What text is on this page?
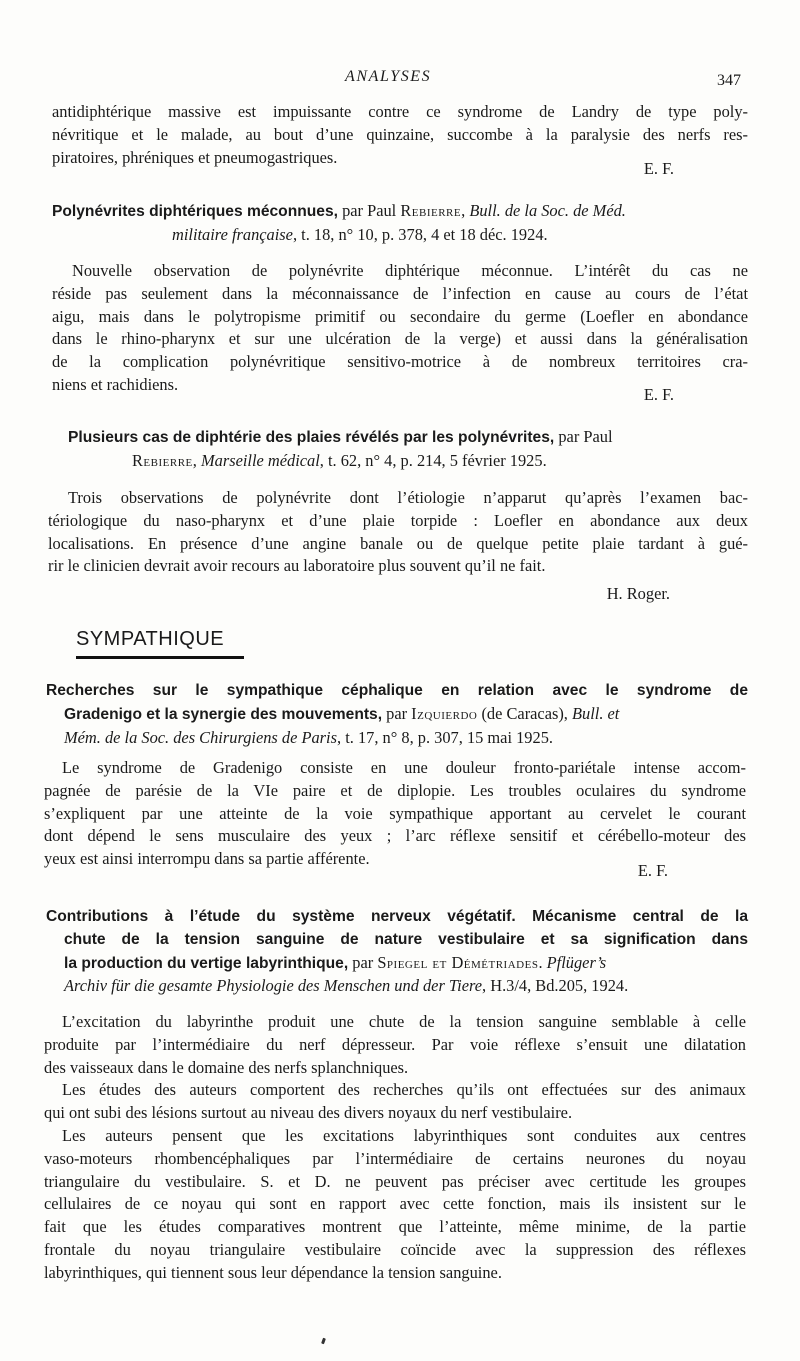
ANALYSES	347
antidiphtérique massive est impuissante contre ce syndrome de Landry de type poly-
névritique et le malade, au bout d’une quinzaine, succombe à la paralysie des nerfs res-
piratoires, phréniques et pneumogastriques.
E. F.
Polynévrites diphtériques méconnues, par Paul Rebierre, Bull. de la Soc. de Méd.
militaire française, t. 18, n° 10, p. 378, 4 et 18 déc. 1924.
Nouvelle observation de polynévrite diphtérique méconnue. L’intérêt du cas ne
réside pas seulement dans la méconnaissance de l’infection en cause au cours de l’état
aigu, mais dans le polytropisme primitif ou secondaire du germe (Loefler en abondance
dans le rhino-pharynx et sur une ulcération de la verge) et aussi dans la généralisation
de la complication polynévritique sensitivo-motrice à de nombreux territoires cra-
niens et rachidiens.
E. F.
Plusieurs cas de diphtérie des plaies révélés par les polynévrites, par Paul
Rebierre, Marseille médical, t. 62, n° 4, p. 214, 5 février 1925.
Trois observations de polynévrite dont l’étiologie n’apparut qu’après l’examen bac-
tériologique du naso-pharynx et d’une plaie torpide : Loefler en abondance aux deux
localisations. En présence d’une angine banale ou de quelque petite plaie tardant à gué-
rir le clinicien devrait avoir recours au laboratoire plus souvent qu’il ne fait.
H. Roger.
SYMPATHIQUE
Recherches sur le sympathique céphalique en relation avec le syndrome de
Gradenigo et la synergie des mouvements, par Izquierdo (de Caracas), Bull. et
Mém. de la Soc. des Chirurgiens de Paris, t. 17, n° 8, p. 307, 15 mai 1925.
Le syndrome de Gradenigo consiste en une douleur fronto-pariétale intense accom-
pagnée de parésie de la VIe paire et de diplopie. Les troubles oculaires du syndrome
s’expliquent par une atteinte de la voie sympathique apportant au cervelet le courant
dont dépend le sens musculaire des yeux ; l’arc réflexe sensitif et cérébello-moteur des
yeux est ainsi interrompu dans sa partie afférente.
E. F.
Contributions à l’étude du système nerveux végétatif. Mécanisme central de la
chute de la tension sanguine de nature vestibulaire et sa signification dans
la production du vertige labyrinthique, par Spiegel et Démétriades. Pflüger’s
Archiv für die gesamte Physiologie des Menschen und der Tiere, H.3/4, Bd.205, 1924.
L’excitation du labyrinthe produit une chute de la tension sanguine semblable à celle
produite par l’intermédiaire du nerf dépresseur. Par voie réflexe s’ensuit une dilatation
des vaisseaux dans le domaine des nerfs splanchniques.
Les études des auteurs comportent des recherches qu’ils ont effectuées sur des animaux
qui ont subi des lésions surtout au niveau des divers noyaux du nerf vestibulaire.
Les auteurs pensent que les excitations labyrinthiques sont conduites aux centres
vaso-moteurs rhombencéphaliques par l’intermédiaire de certains neurones du noyau
triangulaire du vestibulaire. S. et D. ne peuvent pas préciser avec certitude les groupes
cellulaires de ce noyau qui sont en rapport avec cette fonction, mais ils insistent sur le
fait que les études comparatives montrent que l’atteinte, même minime, de la partie
frontale du noyau triangulaire vestibulaire coïncide avec la suppression des réflexes
labyrinthiques, qui tiennent sous leur dépendance la tension sanguine.
